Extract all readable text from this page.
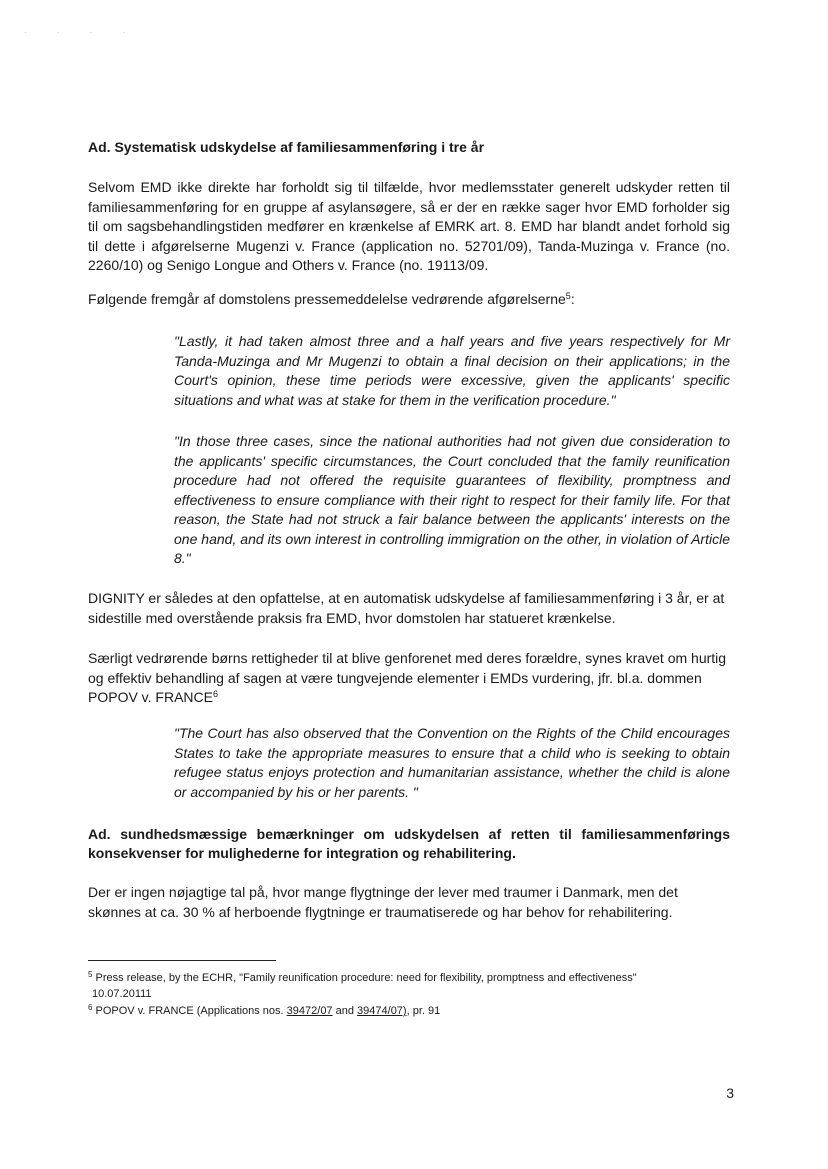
· · · ·
Ad. Systematisk udskydelse af familiesammenføring i tre år
Selvom EMD ikke direkte har forholdt sig til tilfælde, hvor medlemsstater generelt udskyder retten til familiesammenføring for en gruppe af asylansøgere, så er der en række sager hvor EMD forholder sig til om sagsbehandlingstiden medfører en krænkelse af EMRK art. 8. EMD har blandt andet forhold sig til dette i afgørelserne Mugenzi v. France (application no. 52701/09), Tanda-Muzinga v. France (no. 2260/10) og Senigo Longue and Others v. France (no. 19113/09.
Følgende fremgår af domstolens pressemeddelelse vedrørende afgørelserne$^5$:
"Lastly, it had taken almost three and a half years and five years respectively for Mr Tanda-Muzinga and Mr Mugenzi to obtain a final decision on their applications; in the Court's opinion, these time periods were excessive, given the applicants' specific situations and what was at stake for them in the verification procedure."
"In those three cases, since the national authorities had not given due consideration to the applicants' specific circumstances, the Court concluded that the family reunification procedure had not offered the requisite guarantees of flexibility, promptness and effectiveness to ensure compliance with their right to respect for their family life. For that reason, the State had not struck a fair balance between the applicants' interests on the one hand, and its own interest in controlling immigration on the other, in violation of Article 8."
DIGNITY er således at den opfattelse, at en automatisk udskydelse af familiesammenføring i 3 år, er at sidestille med overstående praksis fra EMD, hvor domstolen har statueret krænkelse.
Særligt vedrørende børns rettigheder til at blive genforenet med deres forældre, synes kravet om hurtig og effektiv behandling af sagen at være tungvejende elementer i EMDs vurdering, jfr. bl.a. dommen POPOV v. FRANCE$^6$
"The Court has also observed that the Convention on the Rights of the Child encourages States to take the appropriate measures to ensure that a child who is seeking to obtain refugee status enjoys protection and humanitarian assistance, whether the child is alone or accompanied by his or her parents. "
Ad. sundhedsmæssige bemærkninger om udskydelsen af retten til familiesammenførings konsekvenser for mulighederne for integration og rehabilitering.
Der er ingen nøjagtige tal på, hvor mange flygtninge der lever med traumer i Danmark, men det skønnes at ca. 30 % af herboende flygtninge er traumatiserede og har behov for rehabilitering.
$^5$ Press release, by the ECHR, "Family reunification procedure: need for flexibility, promptness and effectiveness"
10.07.20111
$^6$ POPOV v. FRANCE (Applications nos. 39472/07 and 39474/07), pr. 91
3
